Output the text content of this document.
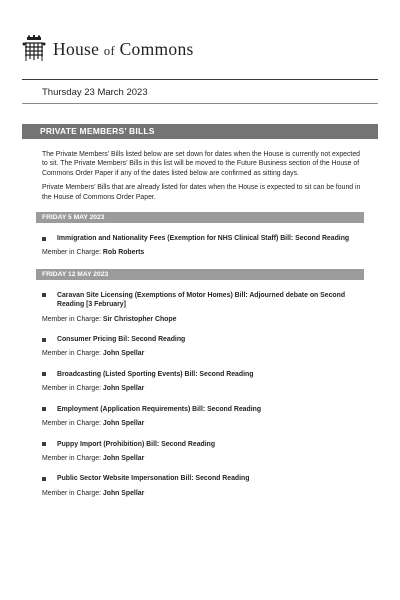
House of Commons
Thursday 23 March 2023
PRIVATE MEMBERS’ BILLS

The Private Members’ Bills listed below are set down for dates when the House is currently not expected to sit. The Private Members’ Bills in this list will be moved to the Future Business section of the House of Commons Order Paper if any of the dates listed below are confirmed as sitting days.

Private Members’ Bills that are already listed for dates when the House is expected to sit can be found in the House of Commons Order Paper.

FRIDAY 5 MAY 2023
Immigration and Nationality Fees (Exemption for NHS Clinical Staff) Bill: Second Reading
Member in Charge: Rob Roberts
FRIDAY 12 MAY 2023
Caravan Site Licensing (Exemptions of Motor Homes) Bill: Adjourned debate on Second Reading [3 February]
Member in Charge: Sir Christopher Chope
Consumer Pricing Bil: Second Reading
Member in Charge: John Spellar
Broadcasting (Listed Sporting Events) Bill: Second Reading
Member in Charge: John Spellar
Employment (Application Requirements) Bill: Second Reading
Member in Charge: John Spellar
Puppy Import (Prohibition) Bill: Second Reading
Member in Charge: John Spellar
Public Sector Website Impersonation Bill: Second Reading
Member in Charge: John Spellar
